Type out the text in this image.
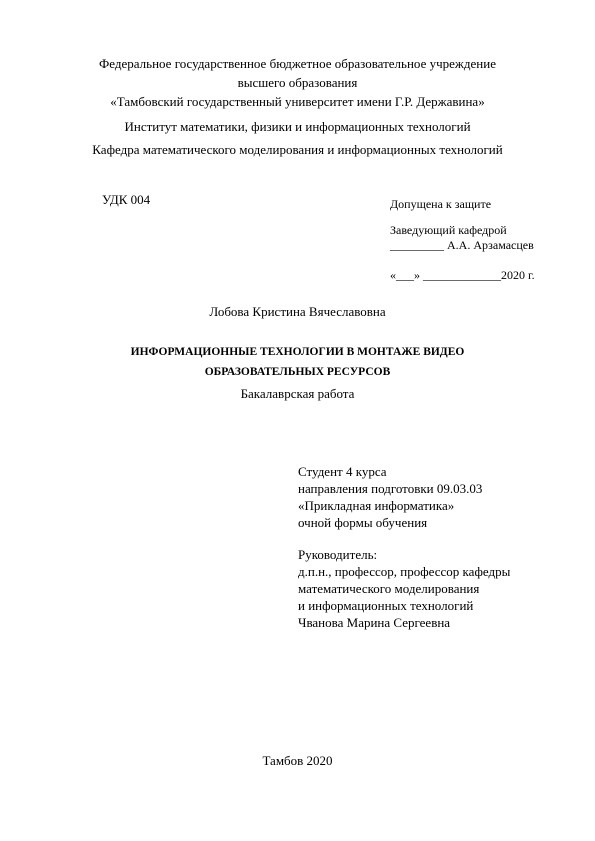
Федеральное государственное бюджетное образовательное учреждение
высшего образования
«Тамбовский государственный университет имени Г.Р. Державина»
Институт математики, физики и информационных технологий
Кафедра математического моделирования и информационных технологий
УДК 004	Допущена к защите
Заведующий кафедрой
_________ А.А. Арзамасцев
«___» _____________2020 г.
Лобова Кристина Вячеславовна
ИНФОРМАЦИОННЫЕ ТЕХНОЛОГИИ В МОНТАЖЕ ВИДЕО
ОБРАЗОВАТЕЛЬНЫХ РЕСУРСОВ
Бакалаврская работа
Студент 4 курса
направления подготовки 09.03.03
«Прикладная информатика»
очной формы обучения
Руководитель:
д.п.н., профессор, профессор кафедры
математического моделирования
и информационных технологий
Чванова Марина Сергеевна
Тамбов 2020
